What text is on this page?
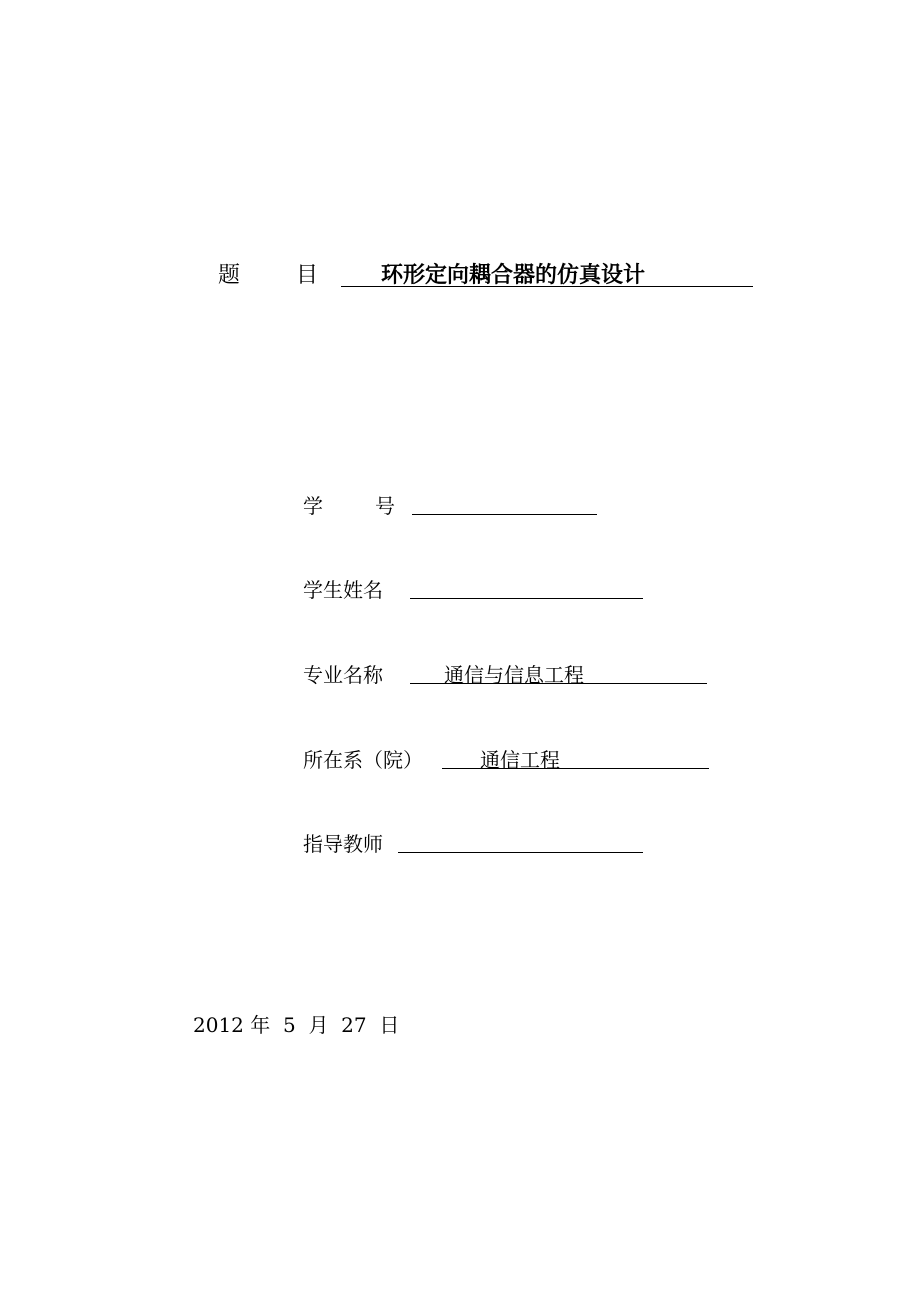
题	目	环形定向耦合器的仿真设计
学	号
学生姓名
专业名称	通信与信息工程
所在系（院）	通信工程
指导教师
2012 年 5 月 27 日
